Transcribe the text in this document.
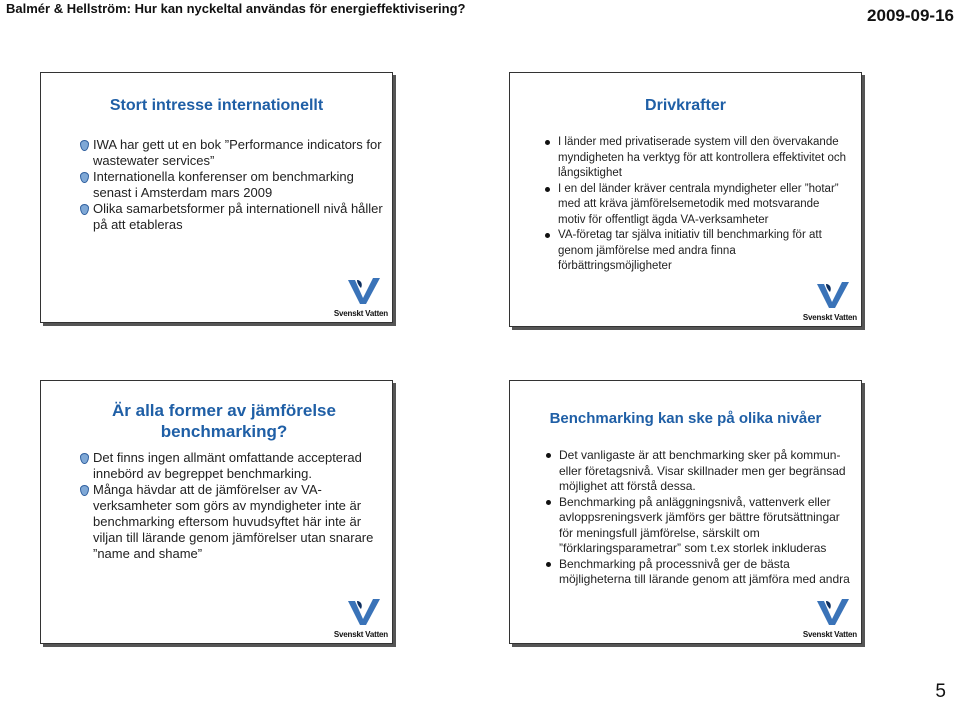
Balmér & Hellström: Hur kan nyckeltal användas för energieffektivisering?	2009-09-16
Stort intresse internationellt
IWA har gett ut en bok ”Performance indicators for wastewater services”
Internationella konferenser om benchmarking senast i Amsterdam mars 2009
Olika samarbetsformer på internationell nivå håller på att etableras
Svenskt Vatten
Drivkrafter
I länder med privatiserade system vill den övervakande myndigheten ha verktyg för att kontrollera effektivitet och långsiktighet
I en del länder kräver centrala myndigheter eller ”hotar” med att kräva jämförelsemetodik med motsvarande motiv för offentligt ägda VA-verksamheter
VA-företag tar själva initiativ till benchmarking för att genom jämförelse med andra finna förbättringsmöjligheter
Svenskt Vatten
Är alla former av jämförelse benchmarking?
Det finns ingen allmänt omfattande accepterad innebörd av begreppet benchmarking.
Många hävdar att de jämförelser av VA-verksamheter som görs av myndigheter inte är benchmarking eftersom huvudsyftet här inte är viljan till lärande genom jämförelser utan snarare ”name and shame”
Svenskt Vatten
Benchmarking kan ske på olika nivåer
Det vanligaste är att benchmarking sker på kommun- eller företagsnivå. Visar skillnader men ger begränsad möjlighet att förstå dessa.
Benchmarking på anläggningsnivå, vattenverk eller avloppsreningsverk jämförs ger bättre förutsättningar för meningsfull jämförelse, särskilt om ”förklaringsparametrar” som t.ex storlek inkluderas
Benchmarking på processnivå ger de bästa möjligheterna till lärande genom att jämföra med andra
Svenskt Vatten
5
